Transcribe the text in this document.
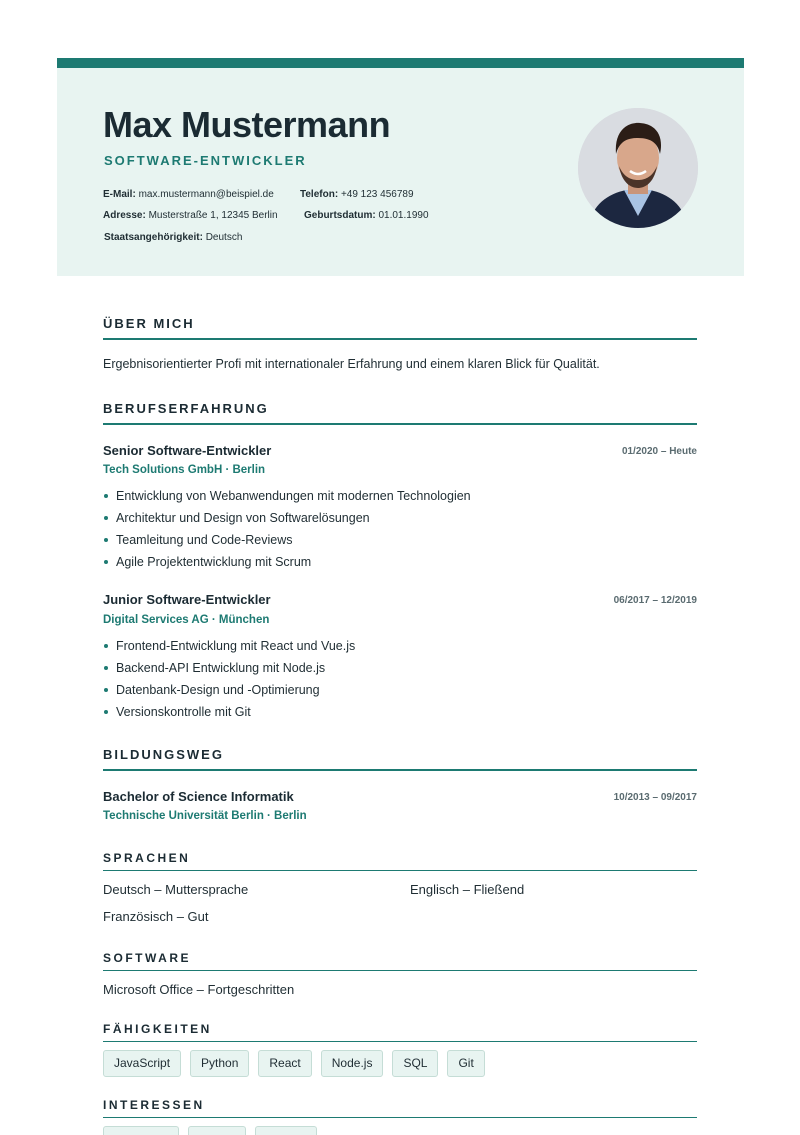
Max Mustermann
SOFTWARE-ENTWICKLER
E-Mail: max.mustermann@beispiel.de	Telefon: +49 123 456789
Adresse: Musterstraße 1, 12345 Berlin	Geburtsdatum: 01.01.1990
Staatsangehörigkeit: Deutsch
ÜBER MICH
Ergebnisorientierter Profi mit internationaler Erfahrung und einem klaren Blick für Qualität.
BERUFSERFAHRUNG
Senior Software-Entwickler	01/2020 – Heute
Tech Solutions GmbH · Berlin
Entwicklung von Webanwendungen mit modernen Technologien
Architektur und Design von Softwarelösungen
Teamleitung und Code-Reviews
Agile Projektentwicklung mit Scrum
Junior Software-Entwickler	06/2017 – 12/2019
Digital Services AG · München
Frontend-Entwicklung mit React und Vue.js
Backend-API Entwicklung mit Node.js
Datenbank-Design und -Optimierung
Versionskontrolle mit Git
BILDUNGSWEG
Bachelor of Science Informatik	10/2013 – 09/2017
Technische Universität Berlin · Berlin
SPRACHEN
Deutsch – Muttersprache	Englisch – Fließend
Französisch – Gut
SOFTWARE
Microsoft Office – Fortgeschritten
FÄHIGKEITEN
JavaScript	Python	React	Node.js	SQL	Git
INTERESSEN
